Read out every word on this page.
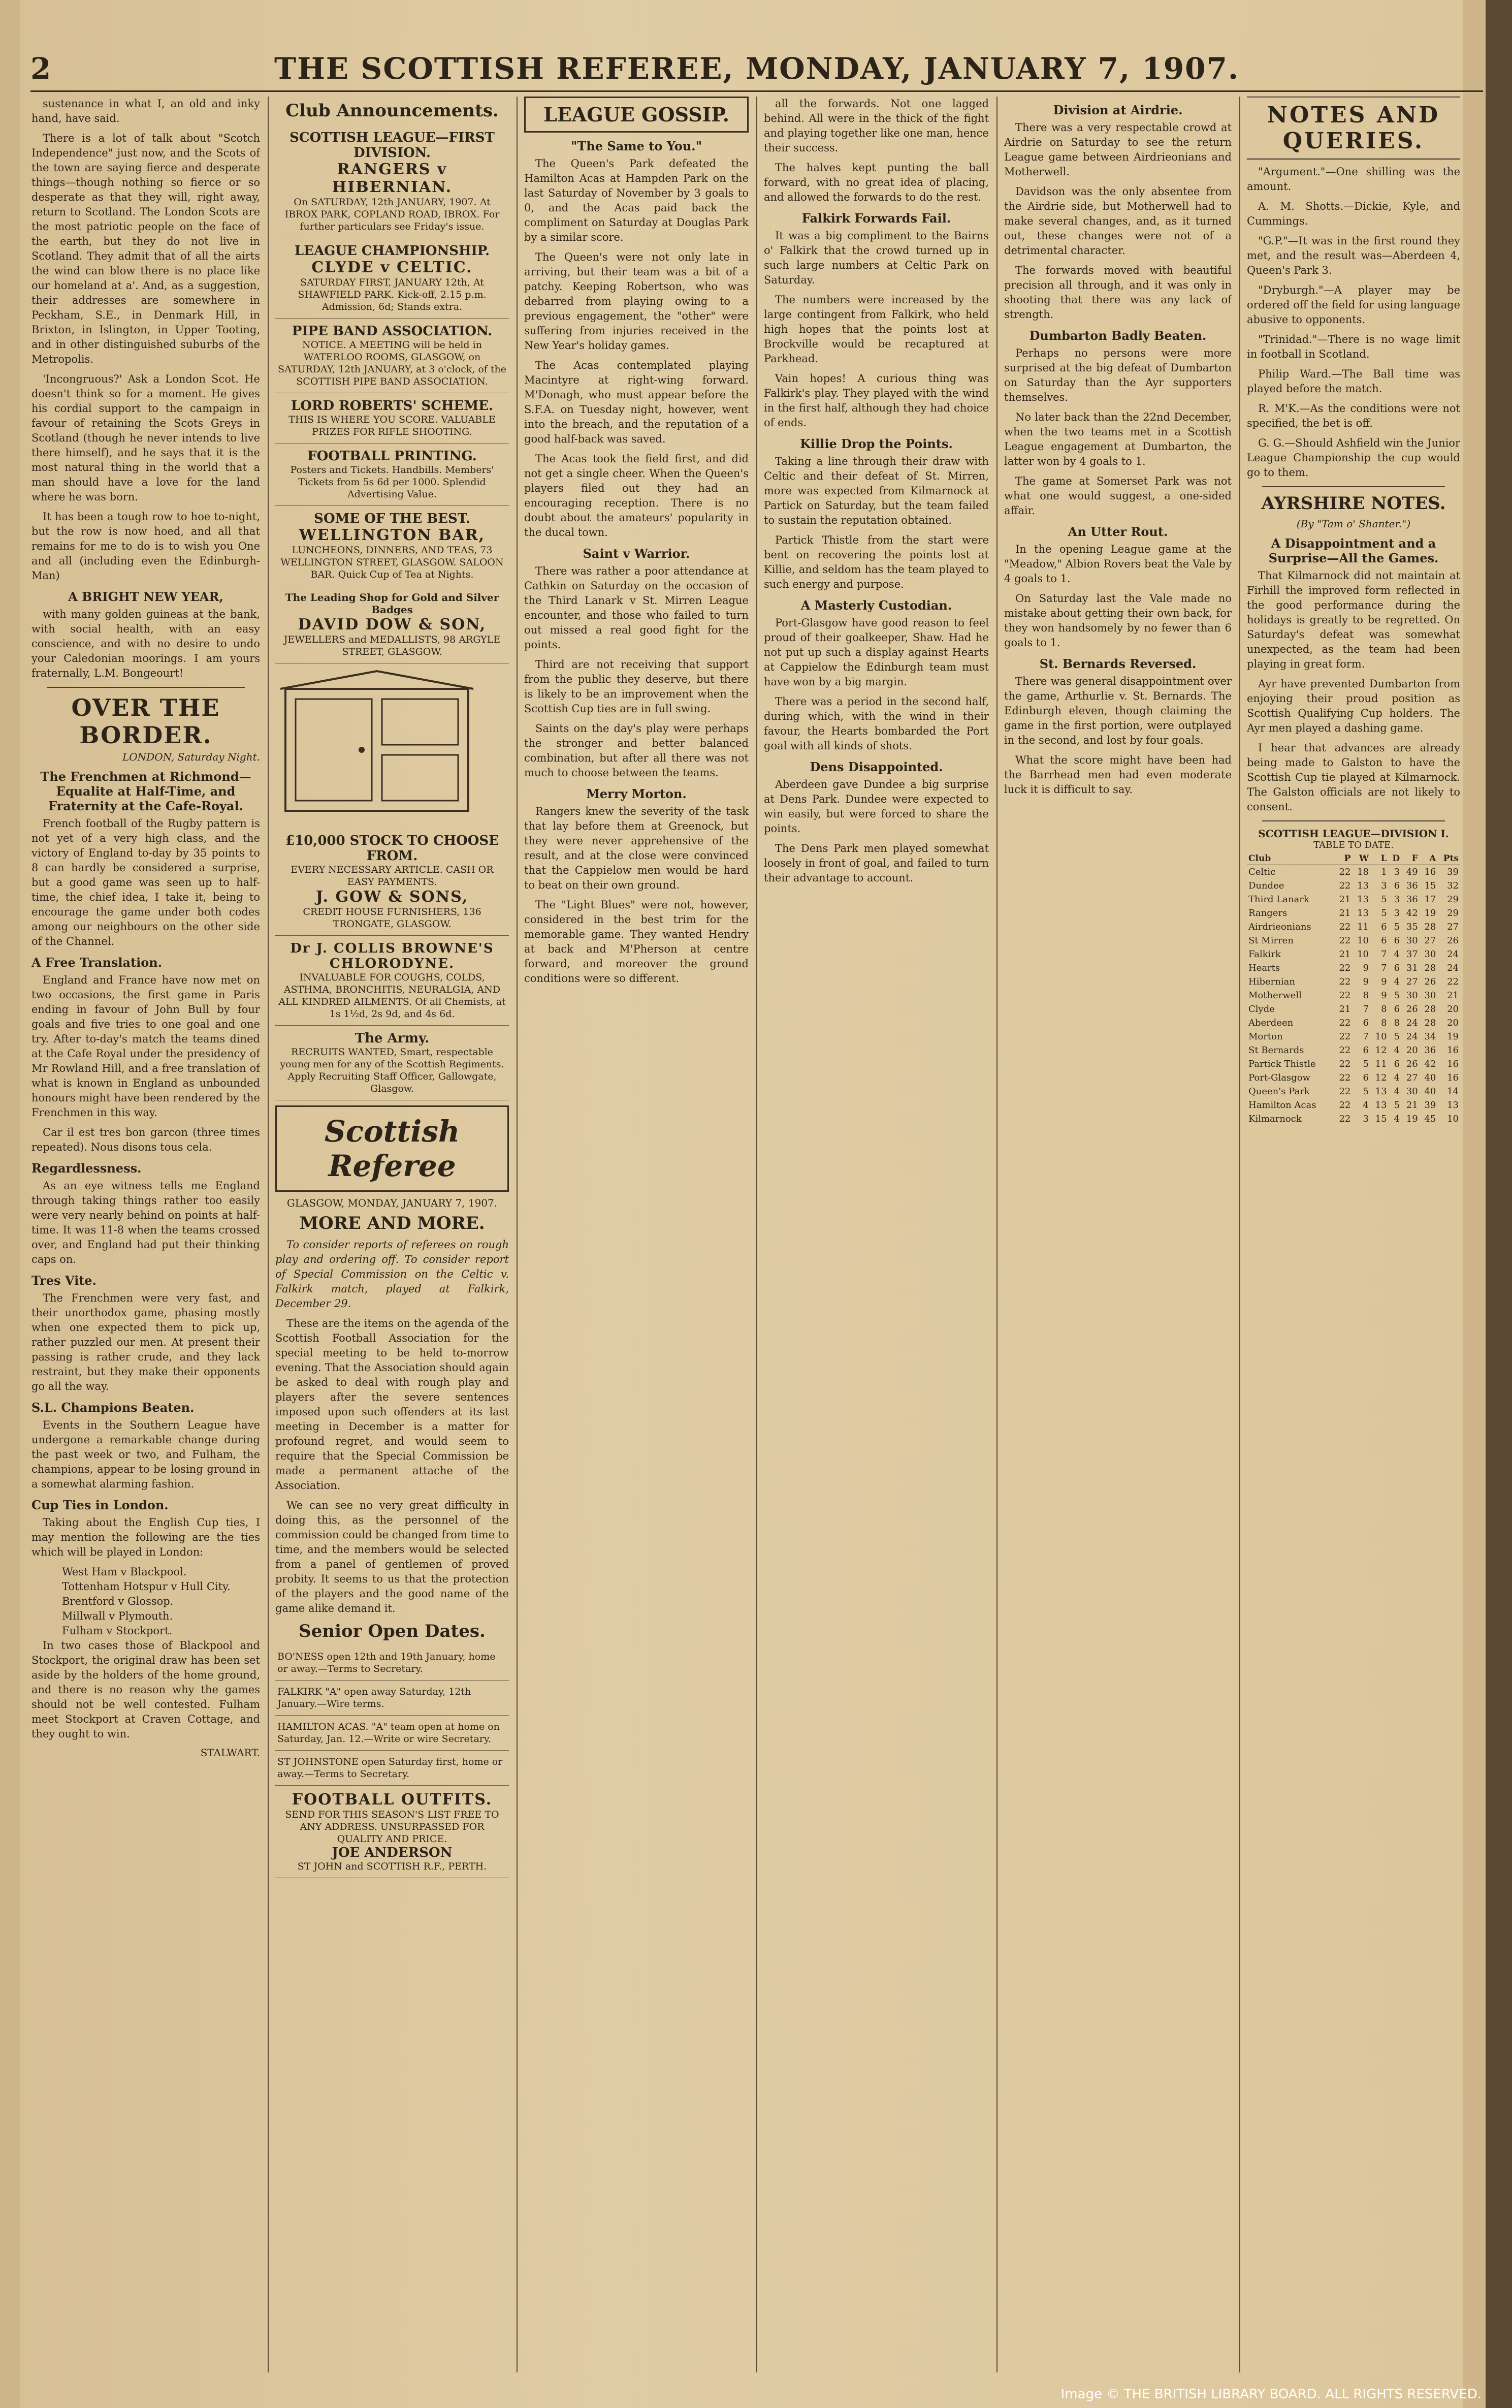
2	THE SCOTTISH REFEREE, MONDAY, JANUARY 7, 1907.

sustenance in what I, an old and inky hand, have said.

There is a lot of talk about "Scotch Independence" just now, and the Scots of the town are saying fierce and desperate things—though nothing so fierce or so desperate as that they will, right away, return to Scotland. The London Scots are the most patriotic people on the face of the earth, but they do not live in Scotland. They admit that of all the airts the wind can blow there is no place like our homeland at a'. And, as a suggestion, their addresses are somewhere in Peckham, S.E., in Denmark Hill, in Brixton, in Islington, in Upper Tooting, and in other distinguished suburbs of the Metropolis.

'Incongruous?' Ask a London Scot. He doesn't think so for a moment. He gives his cordial support to the campaign in favour of retaining the Scots Greys in Scotland (though he never intends to live there himself), and he says that it is the most natural thing in the world that a man should have a love for the land where he was born.

It has been a tough row to hoe to-night, but the row is now hoed, and all that remains for me to do is to wish you One and all (including even the Edinburgh-Man)

A BRIGHT NEW YEAR,

with many golden guineas at the bank, with social health, with an easy conscience, and with no desire to undo your Caledonian moorings. I am yours fraternally, L.M. Bongeourt!

OVER THE BORDER.
LONDON, Saturday Night.
The Frenchmen at Richmond—Equalite at Half-Time, and Fraternity at the Cafe-Royal.

French football of the Rugby pattern is not yet of a very high class, and the victory of England to-day by 35 points to 8 can hardly be considered a surprise, but a good game was seen up to half-time, the chief idea, I take it, being to encourage the game under both codes among our neighbours on the other side of the Channel.

A Free Translation.

England and France have now met on two occasions, the first game in Paris ending in favour of John Bull by four goals and five tries to one goal and one try. After to-day's match the teams dined at the Cafe Royal under the presidency of Mr Rowland Hill, and a free translation of what is known in England as unbounded honours might have been rendered by the Frenchmen in this way.

Car il est tres bon garcon (three times repeated). Nous disons tous cela.

Regardlessness.

As an eye witness tells me England through taking things rather too easily were very nearly behind on points at half-time. It was 11-8 when the teams crossed over, and England had put their thinking caps on.

Tres Vite.

The Frenchmen were very fast, and their unorthodox game, phasing mostly when one expected them to pick up, rather puzzled our men. At present their passing is rather crude, and they lack restraint, but they make their opponents go all the way.

S.L. Champions Beaten.

Events in the Southern League have undergone a remarkable change during the past week or two, and Fulham, the champions, appear to be losing ground in a somewhat alarming fashion.

Cup Ties in London.

Taking about the English Cup ties, I may mention the following are the ties which will be played in London:

West Ham v Blackpool.
Tottenham Hotspur v Hull City.
Brentford v Glossop.
Millwall v Plymouth.
Fulham v Stockport.

In two cases those of Blackpool and Stockport, the original draw has been set aside by the holders of the home ground, and there is no reason why the games should not be well contested. Fulham meet Stockport at Craven Cottage, and they ought to win.

STALWART.
Club Announcements.
SCOTTISH LEAGUE—FIRST DIVISION.
RANGERS v HIBERNIAN.
On SATURDAY, 12th JANUARY, 1907. At IBROX PARK, COPLAND ROAD, IBROX. For further particulars see Friday's issue.
LEAGUE CHAMPIONSHIP.
CLYDE v CELTIC.
SATURDAY FIRST, JANUARY 12th, At SHAWFIELD PARK. Kick-off, 2.15 p.m. Admission, 6d; Stands extra.
PIPE BAND ASSOCIATION.
NOTICE. A MEETING will be held in WATERLOO ROOMS, GLASGOW, on SATURDAY, 12th JANUARY, at 3 o'clock, of the SCOTTISH PIPE BAND ASSOCIATION.
LORD ROBERTS' SCHEME.
THIS IS WHERE YOU SCORE. VALUABLE PRIZES FOR RIFLE SHOOTING.
FOOTBALL PRINTING.
Posters and Tickets. Handbills. Members' Tickets from 5s 6d per 1000. Splendid Advertising Value.
SOME OF THE BEST.
WELLINGTON BAR,
LUNCHEONS, DINNERS, AND TEAS, 73 WELLINGTON STREET, GLASGOW. SALOON BAR. Quick Cup of Tea at Nights.
The Leading Shop for Gold and Silver Badges
DAVID DOW & SON,
JEWELLERS and MEDALLISTS, 98 ARGYLE STREET, GLASGOW.
£10,000 STOCK TO CHOOSE FROM.
EVERY NECESSARY ARTICLE. CASH OR EASY PAYMENTS.
J. GOW & SONS,
CREDIT HOUSE FURNISHERS, 136 TRONGATE, GLASGOW.
Dr J. COLLIS BROWNE'S CHLORODYNE.
INVALUABLE FOR COUGHS, COLDS, ASTHMA, BRONCHITIS, NEURALGIA, AND ALL KINDRED AILMENTS. Of all Chemists, at 1s 1½d, 2s 9d, and 4s 6d.
The Army.
RECRUITS WANTED, Smart, respectable young men for any of the Scottish Regiments. Apply Recruiting Staff Officer, Gallowgate, Glasgow.
Scottish Referee
GLASGOW, MONDAY, JANUARY 7, 1907.
MORE AND MORE.

To consider reports of referees on rough play and ordering off. To consider report of Special Commission on the Celtic v. Falkirk match, played at Falkirk, December 29.

These are the items on the agenda of the Scottish Football Association for the special meeting to be held to-morrow evening. That the Association should again be asked to deal with rough play and players after the severe sentences imposed upon such offenders at its last meeting in December is a matter for profound regret, and would seem to require that the Special Commission be made a permanent attache of the Association.

We can see no very great difficulty in doing this, as the personnel of the commission could be changed from time to time, and the members would be selected from a panel of gentlemen of proved probity. It seems to us that the protection of the players and the good name of the game alike demand it.

Senior Open Dates.
BO'NESS open 12th and 19th January, home or away.—Terms to Secretary.
FALKIRK "A" open away Saturday, 12th January.—Wire terms.
HAMILTON ACAS. "A" team open at home on Saturday, Jan. 12.—Write or wire Secretary.
ST JOHNSTONE open Saturday first, home or away.—Terms to Secretary.
FOOTBALL OUTFITS.
SEND FOR THIS SEASON'S LIST FREE TO ANY ADDRESS. UNSURPASSED FOR QUALITY AND PRICE.
JOE ANDERSON
ST JOHN and SCOTTISH R.F., PERTH.
LEAGUE GOSSIP.
"The Same to You."

The Queen's Park defeated the Hamilton Acas at Hampden Park on the last Saturday of November by 3 goals to 0, and the Acas paid back the compliment on Saturday at Douglas Park by a similar score.

The Queen's were not only late in arriving, but their team was a bit of a patchy. Keeping Robertson, who was debarred from playing owing to a previous engagement, the "other" were suffering from injuries received in the New Year's holiday games.

The Acas contemplated playing Macintyre at right-wing forward. M'Donagh, who must appear before the S.F.A. on Tuesday night, however, went into the breach, and the reputation of a good half-back was saved.

The Acas took the field first, and did not get a single cheer. When the Queen's players filed out they had an encouraging reception. There is no doubt about the amateurs' popularity in the ducal town.

Saint v Warrior.

There was rather a poor attendance at Cathkin on Saturday on the occasion of the Third Lanark v St. Mirren League encounter, and those who failed to turn out missed a real good fight for the points.

Third are not receiving that support from the public they deserve, but there is likely to be an improvement when the Scottish Cup ties are in full swing.

Saints on the day's play were perhaps the stronger and better balanced combination, but after all there was not much to choose between the teams.

Merry Morton.

Rangers knew the severity of the task that lay before them at Greenock, but they were never apprehensive of the result, and at the close were convinced that the Cappielow men would be hard to beat on their own ground.

The "Light Blues" were not, however, considered in the best trim for the memorable game. They wanted Hendry at back and M'Pherson at centre forward, and moreover the ground conditions were so different.

all the forwards. Not one lagged behind. All were in the thick of the fight and playing together like one man, hence their success.

The halves kept punting the ball forward, with no great idea of placing, and allowed the forwards to do the rest.

Falkirk Forwards Fail.

It was a big compliment to the Bairns o' Falkirk that the crowd turned up in such large numbers at Celtic Park on Saturday.

The numbers were increased by the large contingent from Falkirk, who held high hopes that the points lost at Brockville would be recaptured at Parkhead.

Vain hopes! A curious thing was Falkirk's play. They played with the wind in the first half, although they had choice of ends.

Killie Drop the Points.

Taking a line through their draw with Celtic and their defeat of St. Mirren, more was expected from Kilmarnock at Partick on Saturday, but the team failed to sustain the reputation obtained.

Partick Thistle from the start were bent on recovering the points lost at Killie, and seldom has the team played to such energy and purpose.

A Masterly Custodian.

Port-Glasgow have good reason to feel proud of their goalkeeper, Shaw. Had he not put up such a display against Hearts at Cappielow the Edinburgh team must have won by a big margin.

There was a period in the second half, during which, with the wind in their favour, the Hearts bombarded the Port goal with all kinds of shots.

Dens Disappointed.

Aberdeen gave Dundee a big surprise at Dens Park. Dundee were expected to win easily, but were forced to share the points.

The Dens Park men played somewhat loosely in front of goal, and failed to turn their advantage to account.

Division at Airdrie.

There was a very respectable crowd at Airdrie on Saturday to see the return League game between Airdrieonians and Motherwell.

Davidson was the only absentee from the Airdrie side, but Motherwell had to make several changes, and, as it turned out, these changes were not of a detrimental character.

The forwards moved with beautiful precision all through, and it was only in shooting that there was any lack of strength.

Dumbarton Badly Beaten.

Perhaps no persons were more surprised at the big defeat of Dumbarton on Saturday than the Ayr supporters themselves.

No later back than the 22nd December, when the two teams met in a Scottish League engagement at Dumbarton, the latter won by 4 goals to 1.

The game at Somerset Park was not what one would suggest, a one-sided affair.

An Utter Rout.

In the opening League game at the "Meadow," Albion Rovers beat the Vale by 4 goals to 1.

On Saturday last the Vale made no mistake about getting their own back, for they won handsomely by no fewer than 6 goals to 1.

St. Bernards Reversed.

There was general disappointment over the game, Arthurlie v. St. Bernards. The Edinburgh eleven, though claiming the game in the first portion, were outplayed in the second, and lost by four goals.

What the score might have been had the Barrhead men had even moderate luck it is difficult to say.

NOTES AND QUERIES.

"Argument."—One shilling was the amount.

A. M. Shotts.—Dickie, Kyle, and Cummings.

"G.P."—It was in the first round they met, and the result was—Aberdeen 4, Queen's Park 3.

"Dryburgh."—A player may be ordered off the field for using language abusive to opponents.

"Trinidad."—There is no wage limit in football in Scotland.

Philip Ward.—The Ball time was played before the match.

R. M'K.—As the conditions were not specified, the bet is off.

G. G.—Should Ashfield win the Junior League Championship the cup would go to them.

AYRSHIRE NOTES.
(By "Tam o' Shanter.")
A Disappointment and a Surprise—All the Games.

That Kilmarnock did not maintain at Firhill the improved form reflected in the good performance during the holidays is greatly to be regretted. On Saturday's defeat was somewhat unexpected, as the team had been playing in great form.

Ayr have prevented Dumbarton from enjoying their proud position as Scottish Qualifying Cup holders. The Ayr men played a dashing game.

I hear that advances are already being made to Galston to have the Scottish Cup tie played at Kilmarnock. The Galston officials are not likely to consent.

SCOTTISH LEAGUE—DIVISION I.
TABLE TO DATE.
Club	P	W	L	D	F	A	Pts
Celtic	22	18	1	3	49	16	39
Dundee	22	13	3	6	36	15	32
Third Lanark	21	13	5	3	36	17	29
Rangers	21	13	5	3	42	19	29
Airdrieonians	22	11	6	5	35	28	27
St Mirren	22	10	6	6	30	27	26
Falkirk	21	10	7	4	37	30	24
Hearts	22	9	7	6	31	28	24
Hibernian	22	9	9	4	27	26	22
Motherwell	22	8	9	5	30	30	21
Clyde	21	7	8	6	26	28	20
Aberdeen	22	6	8	8	24	28	20
Morton	22	7	10	5	24	34	19
St Bernards	22	6	12	4	20	36	16
Partick Thistle	22	5	11	6	26	42	16
Port-Glasgow	22	6	12	4	27	40	16
Queen's Park	22	5	13	4	30	40	14
Hamilton Acas	22	4	13	5	21	39	13
Kilmarnock	22	3	15	4	19	45	10
Image © THE BRITISH LIBRARY BOARD. ALL RIGHTS RESERVED.
